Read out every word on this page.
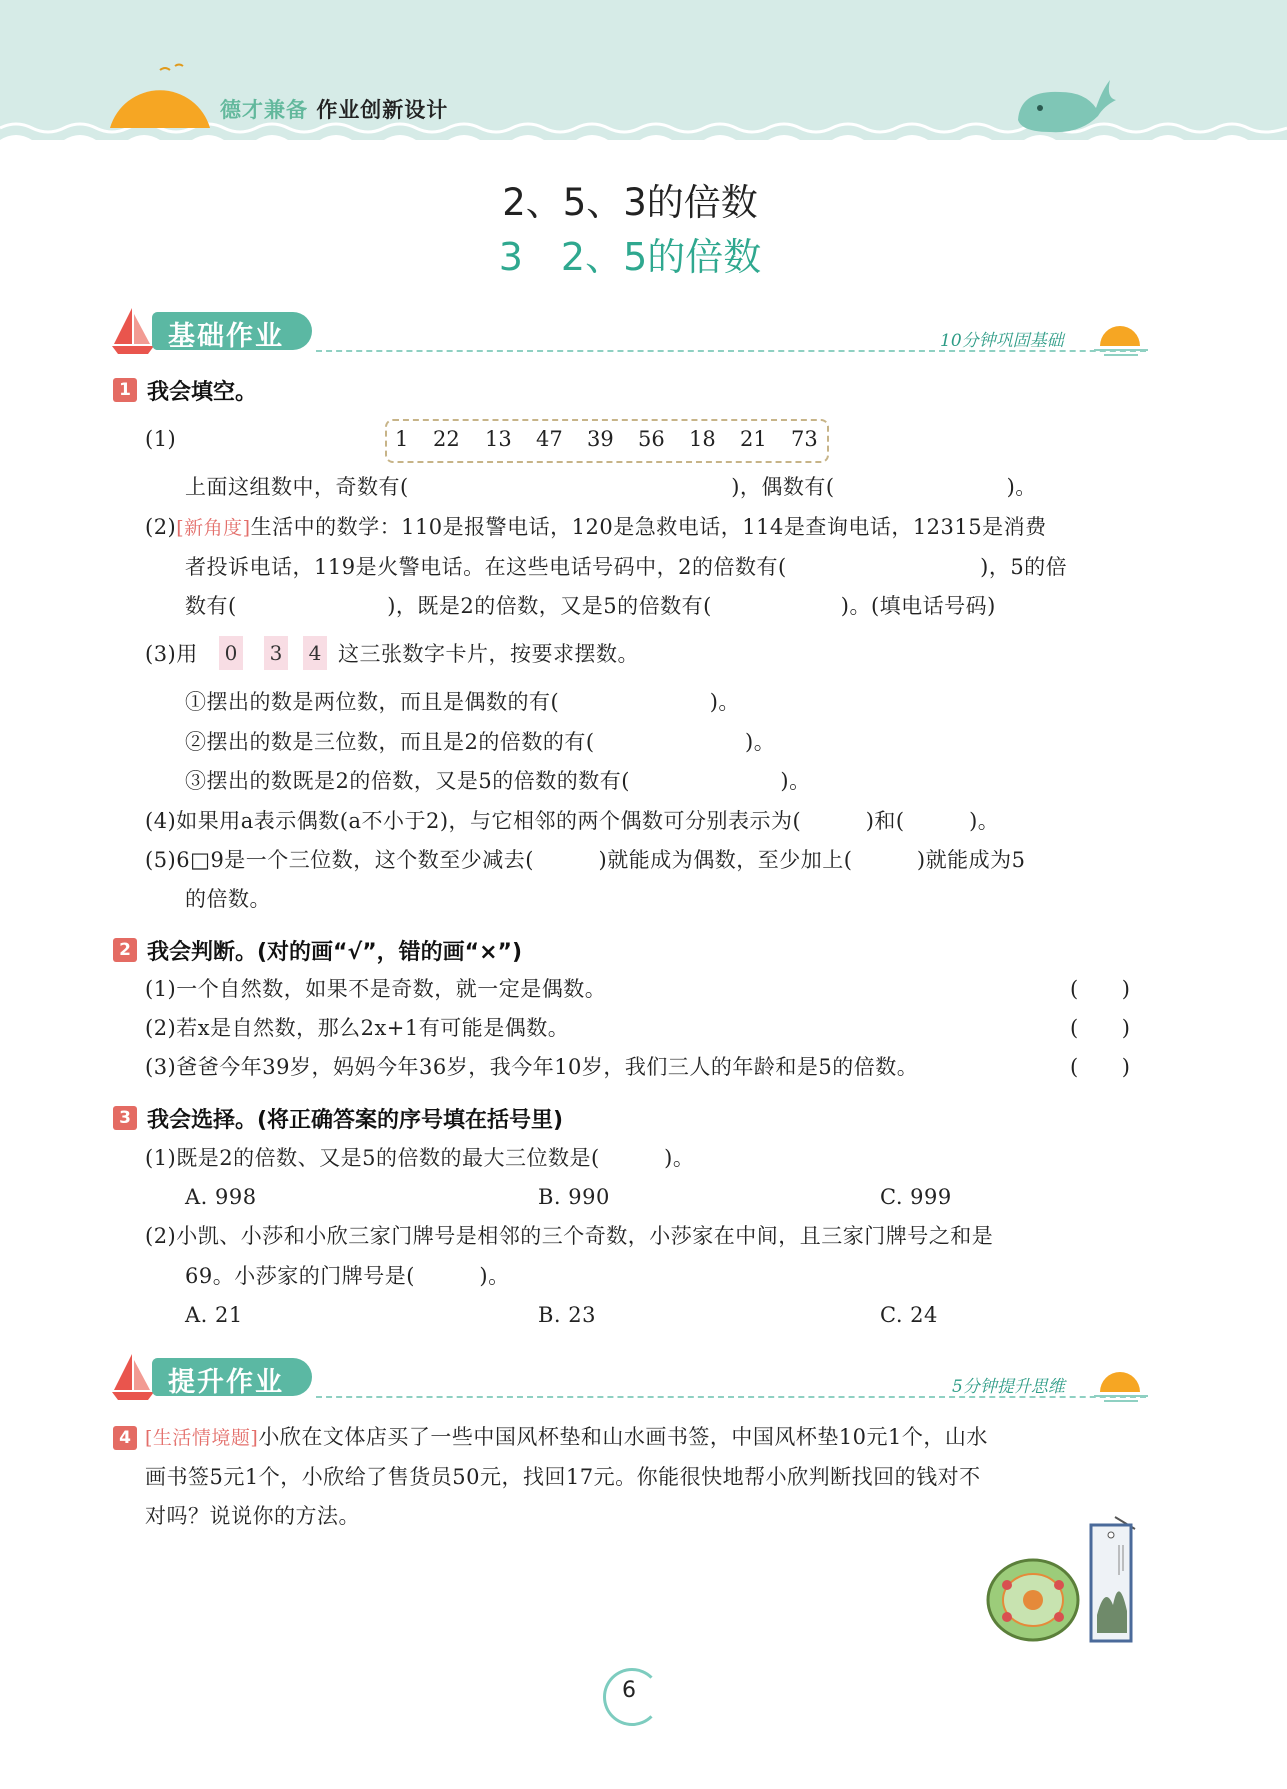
德才兼备 作业创新设计
2、5、3的倍数
3　2、5的倍数
基础作业	10分钟巩固基础
1 我会填空。
(1)	1 22 13 47 39 56 18 21 73
上面这组数中，奇数有(　　　　　　　　　　　　　　　)，偶数有(　　　　　　　　)。
(2)[新角度]生活中的数学：110是报警电话，120是急救电话，114是查询电话，12315是消费
者投诉电话，119是火警电话。在这些电话号码中，2的倍数有(　　　　　　　　　)，5的倍
数有(　　　　　　　)，既是2的倍数，又是5的倍数有(　　　　　　)。(填电话号码)
(3)用 0 3 4 这三张数字卡片，按要求摆数。
①摆出的数是两位数，而且是偶数的有(　　　　　　　)。
②摆出的数是三位数，而且是2的倍数的有(　　　　　　　)。
③摆出的数既是2的倍数，又是5的倍数的数有(　　　　　　　)。
(4)如果用a表示偶数(a不小于2)，与它相邻的两个偶数可分别表示为(　　　)和(　　　)。
(5)6□9是一个三位数，这个数至少减去(　　　)就能成为偶数，至少加上(　　　)就能成为5
的倍数。
2 我会判断。(对的画“√”，错的画“×”)
(1)一个自然数，如果不是奇数，就一定是偶数。	(　　)
(2)若x是自然数，那么2x+1有可能是偶数。	(　　)
(3)爸爸今年39岁，妈妈今年36岁，我今年10岁，我们三人的年龄和是5的倍数。	(　　)
3 我会选择。(将正确答案的序号填在括号里)
(1)既是2的倍数、又是5的倍数的最大三位数是(　　　)。
A. 998	B. 990	C. 999
(2)小凯、小莎和小欣三家门牌号是相邻的三个奇数，小莎家在中间，且三家门牌号之和是
69。小莎家的门牌号是(　　　)。
A. 21	B. 23	C. 24
提升作业	5分钟提升思维
4 [生活情境题]小欣在文体店买了一些中国风杯垫和山水画书签，中国风杯垫10元1个，山水
画书签5元1个，小欣给了售货员50元，找回17元。你能很快地帮小欣判断找回的钱对不
对吗？说说你的方法。
6
